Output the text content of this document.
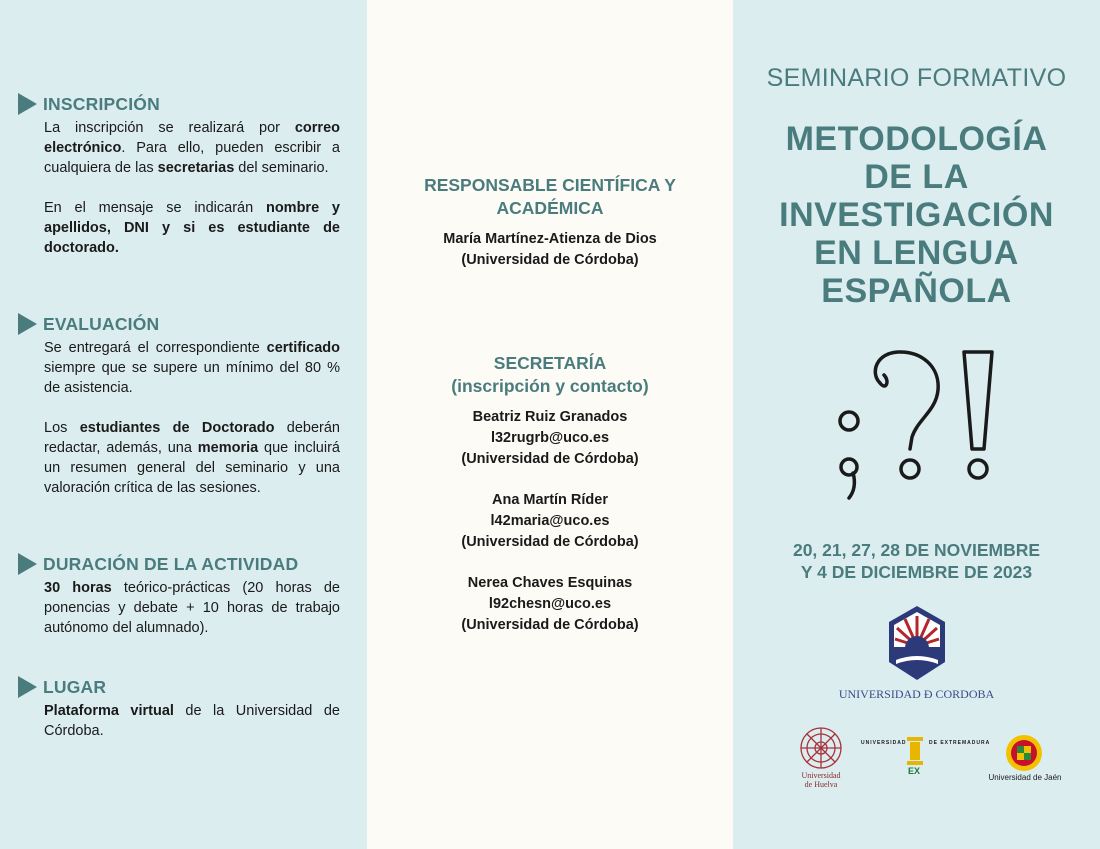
INSCRIPCIÓN

La inscripción se realizará por correo electrónico. Para ello, pueden escribir a cualquiera de las secretarias del seminario.

En el mensaje se indicarán nombre y apellidos, DNI y si es estudiante de doctorado.

EVALUACIÓN

Se entregará el correspondiente certificado siempre que se supere un mínimo del 80 % de asistencia.

Los estudiantes de Doctorado deberán redactar, además, una memoria que incluirá un resumen general del seminario y una valoración crítica de las sesiones.

DURACIÓN DE LA ACTIVIDAD

30 horas teórico-prácticas (20 horas de ponencias y debate + 10 horas de trabajo autónomo del alumnado).

LUGAR

Plataforma virtual de la Universidad de Córdoba.

RESPONSABLE CIENTÍFICA Y ACADÉMICA
María Martínez-Atienza de Dios
(Universidad de Córdoba)
SECRETARÍA
(inscripción y contacto)
Beatriz Ruiz Granados
l32rugrb@uco.es
(Universidad de Córdoba)
Ana Martín Ríder
l42maria@uco.es
(Universidad de Córdoba)
Nerea Chaves Esquinas
l92chesn@uco.es
(Universidad de Córdoba)
SEMINARIO FORMATIVO
METODOLOGÍA
DE LA
INVESTIGACIÓN
EN LENGUA
ESPAÑOLA
20, 21, 27, 28 DE NOVIEMBRE
Y 4 DE DICIEMBRE DE 2023
UNIVERSIDAD Ð CORDOBA
Universidad
de Huelva
UNIVERSIDAD	DE EXTREMADURA
EX
Universidad de Jaén
